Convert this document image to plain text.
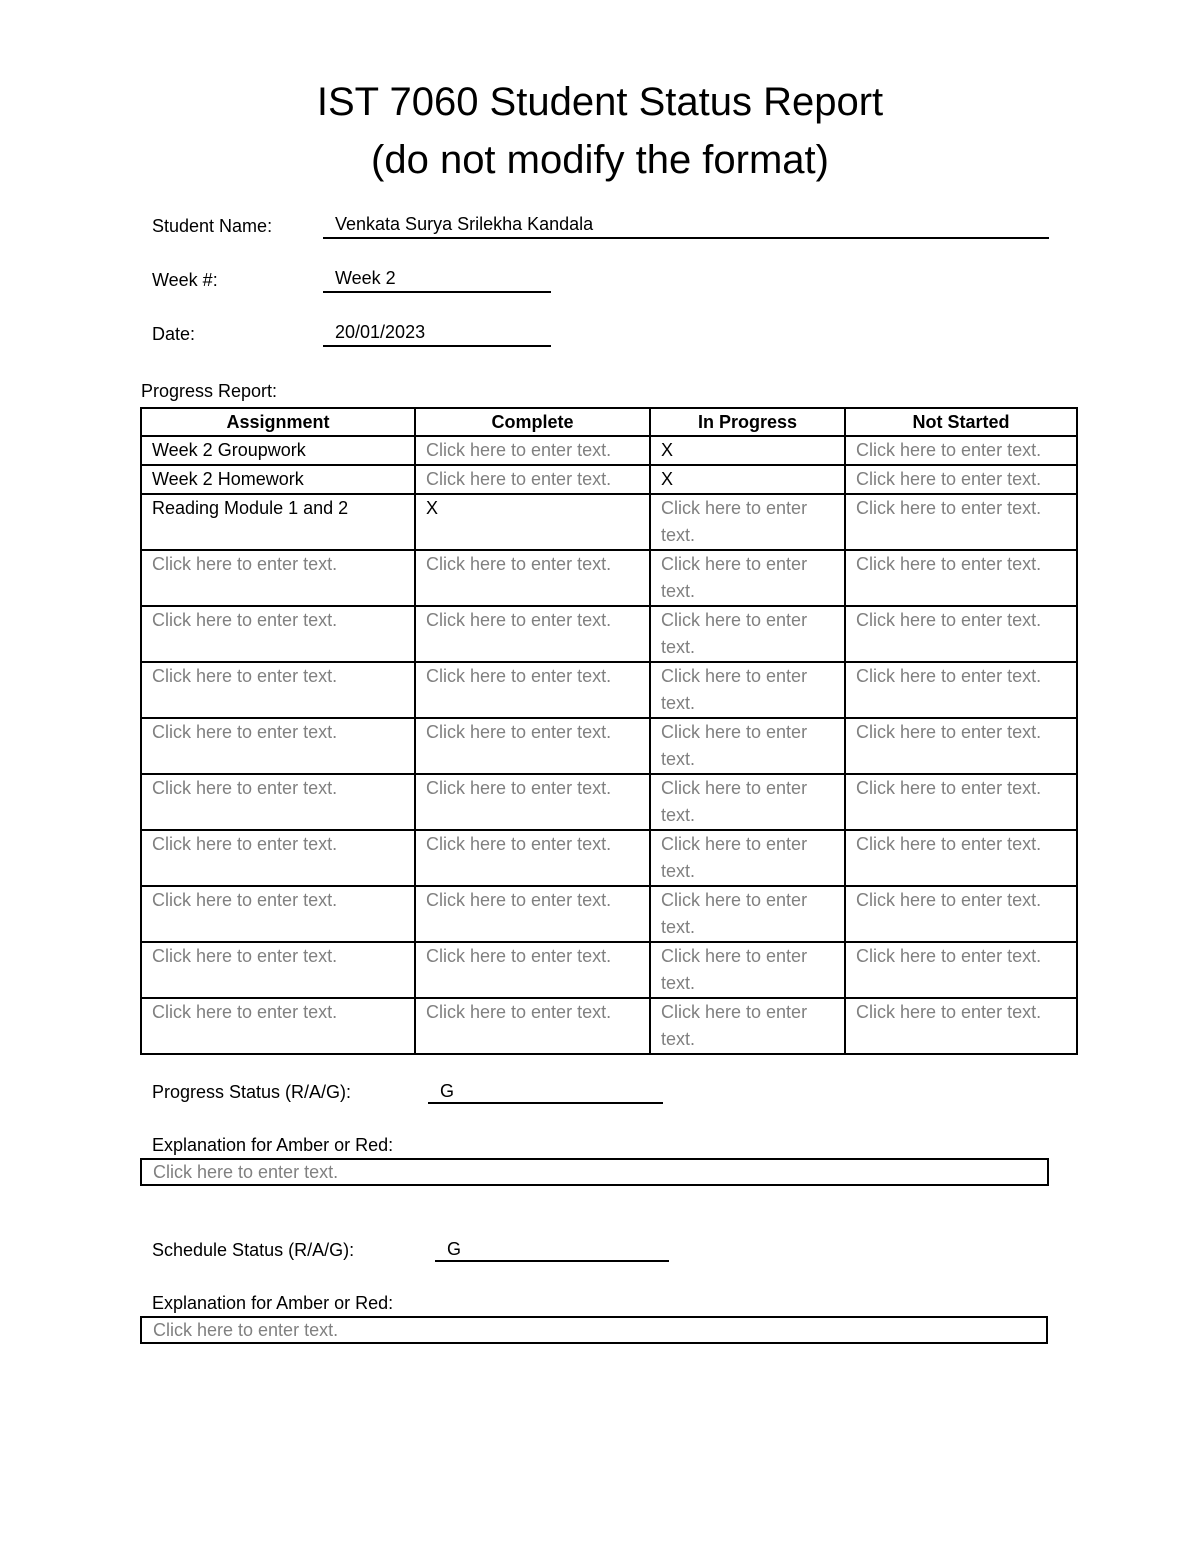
IST 7060 Student Status Report
(do not modify the format)
Student Name:	Venkata Surya Srilekha Kandala
Week #:	Week 2
Date:	20/01/2023
Progress Report:
Assignment	Complete	In Progress	Not Started
Week 2 Groupwork	Click here to enter text.	X	Click here to enter text.
Week 2 Homework	Click here to enter text.	X	Click here to enter text.
Reading Module 1 and 2	X	Click here to enter text.	Click here to enter text.
Click here to enter text.	Click here to enter text.	Click here to enter text.	Click here to enter text.
Click here to enter text.	Click here to enter text.	Click here to enter text.	Click here to enter text.
Click here to enter text.	Click here to enter text.	Click here to enter text.	Click here to enter text.
Click here to enter text.	Click here to enter text.	Click here to enter text.	Click here to enter text.
Click here to enter text.	Click here to enter text.	Click here to enter text.	Click here to enter text.
Click here to enter text.	Click here to enter text.	Click here to enter text.	Click here to enter text.
Click here to enter text.	Click here to enter text.	Click here to enter text.	Click here to enter text.
Click here to enter text.	Click here to enter text.	Click here to enter text.	Click here to enter text.
Click here to enter text.	Click here to enter text.	Click here to enter text.	Click here to enter text.
Progress Status (R/A/G):	G
Explanation for Amber or Red:
Click here to enter text.
Schedule Status (R/A/G):	G
Explanation for Amber or Red:
Click here to enter text.
